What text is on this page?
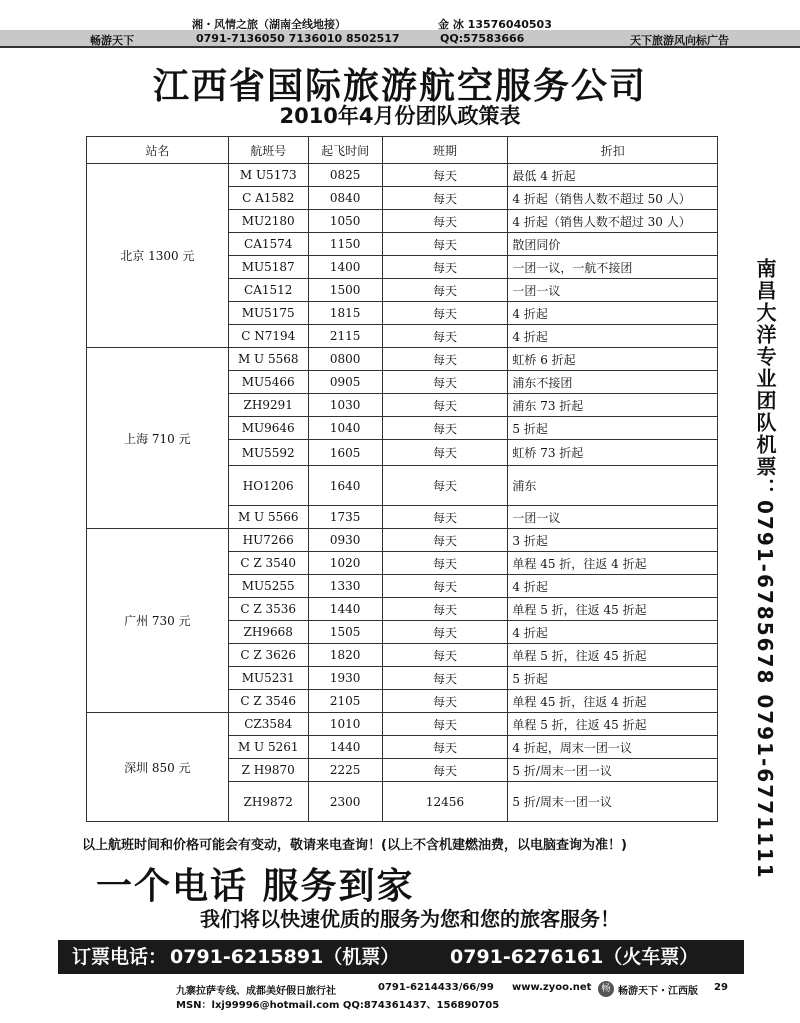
湘・风情之旅（湖南全线地接）	金 冰 13576040503
畅游天下	0791-7136050 7136010 8502517	QQ:57583666	天下旅游风向标广告
江西省国际旅游航空服务公司
2010年4月份团队政策表
站名	航班号	起飞时间	班期	折扣
北京 1300 元	M U5173	0825	每天	最低 4 折起
	C A1582	0840	每天	4 折起（销售人数不超过 50 人）
	MU2180	1050	每天	4 折起（销售人数不超过 30 人）
	CA1574	1150	每天	散团同价
	MU5187	1400	每天	一团一议，一航不接团
	CA1512	1500	每天	一团一议
	MU5175	1815	每天	4 折起
	C N7194	2115	每天	4 折起
上海 710 元	M U 5568	0800	每天	虹桥 6 折起
	MU5466	0905	每天	浦东不接团
	ZH9291	1030	每天	浦东 73 折起
	MU9646	1040	每天	5 折起
	MU5592	1605	每天	虹桥 73 折起
	HO1206	1640	每天	浦东
	M U 5566	1735	每天	一团一议
广州 730 元	HU7266	0930	每天	3 折起
	C Z 3540	1020	每天	单程 45 折，往返 4 折起
	MU5255	1330	每天	4 折起
	C Z 3536	1440	每天	单程 5 折，往返 45 折起
	ZH9668	1505	每天	4 折起
	C Z 3626	1820	每天	单程 5 折，往返 45 折起
	MU5231	1930	每天	5 折起
	C Z 3546	2105	每天	单程 45 折，往返 4 折起
深圳 850 元	CZ3584	1010	每天	单程 5 折，往返 45 折起
	M U 5261	1440	每天	4 折起，周末一团一议
	Z H9870	2225	每天	5 折/周末一团一议
	ZH9872	2300	12456	5 折/周末一团一议	南昌大洋专业团队机票：0791-6785678 0791-6771111
以上航班时间和价格可能会有变动，敬请来电查询！(以上不含机建燃油费，以电脑查询为准！)
一个电话 服务到家
我们将以快速优质的服务为您和您的旅客服务！
订票电话： 0791-6215891（机票）	0791-6276161（火车票）
九寨拉萨专线、成都美好假日旅行社	0791-6214433/66/99 www.zyoo.net	畅 畅游天下・江西版 29
MSN：lxj99996@hotmail.com QQ:874361437、156890705
